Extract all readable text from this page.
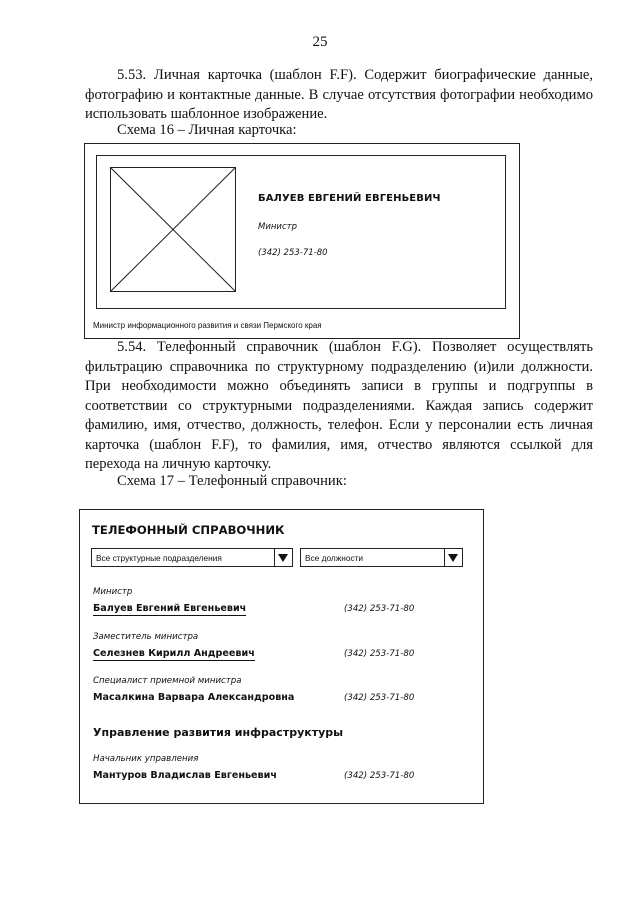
25

5.53. Личная карточка (шаблон F.F). Содержит биографические данные, фотографию и контактные данные. В случае отсутствия фотографии необходимо использовать шаблонное изображение.

Схема 16 – Личная карточка:

БАЛУЕВ ЕВГЕНИЙ ЕВГЕНЬЕВИЧ
Министр
(342) 253-71-80
Министр информационного развития и связи Пермского края

5.54. Телефонный справочник (шаблон F.G). Позволяет осуществлять фильтрацию справочника по структурному подразделению (и)или должности. При необходимости можно объединять записи в группы и подгруппы в соответствии со структурными подразделениями. Каждая запись содержит фамилию, имя, отчество, должность, телефон. Если у персоналии есть личная карточка (шаблон F.F), то фамилия, имя, отчество являются ссылкой для перехода на личную карточку.

Схема 17 – Телефонный справочник:

ТЕЛЕФОННЫЙ СПРАВОЧНИК
Все структурные подразделения	Все должности
Министр
Балуев Евгений Евгеньевич	(342) 253-71-80
Заместитель министра
Селезнев Кирилл Андреевич	(342) 253-71-80
Специалист приемной министра
Масалкина Варвара Александровна	(342) 253-71-80
Управление развития инфраструктуры
Начальник управления
Мантуров Владислав Евгеньевич	(342) 253-71-80
